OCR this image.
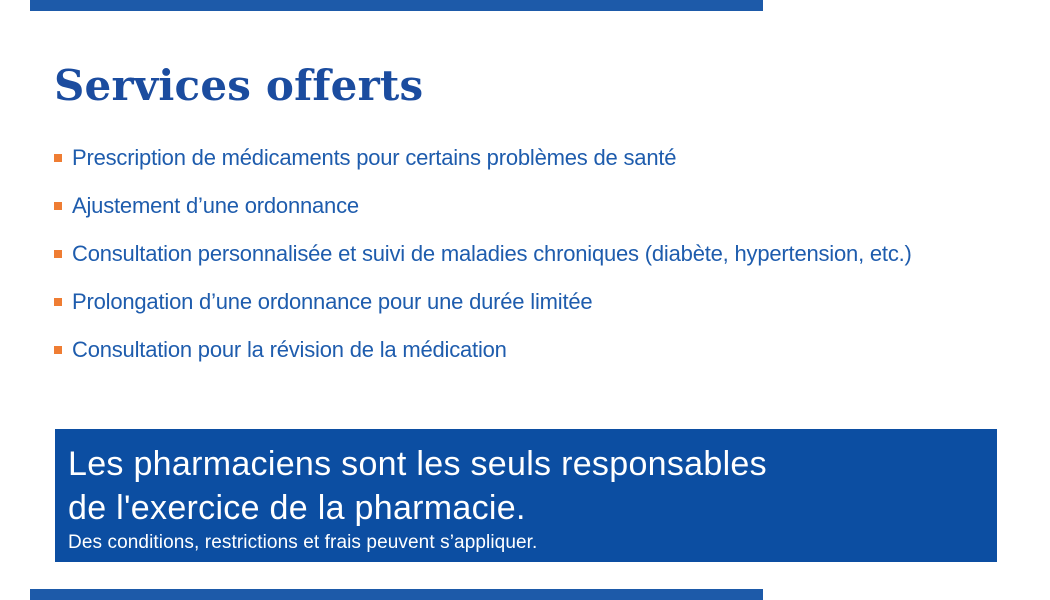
Services offerts
Prescription de médicaments pour certains problèmes de santé
Ajustement d’une ordonnance
Consultation personnalisée et suivi de maladies chroniques (diabète, hypertension, etc.)
Prolongation d’une ordonnance pour une durée limitée
Consultation pour la révision de la médication
Les pharmaciens sont les seuls responsables
de l'exercice de la pharmacie.
Des conditions, restrictions et frais peuvent s’appliquer.
